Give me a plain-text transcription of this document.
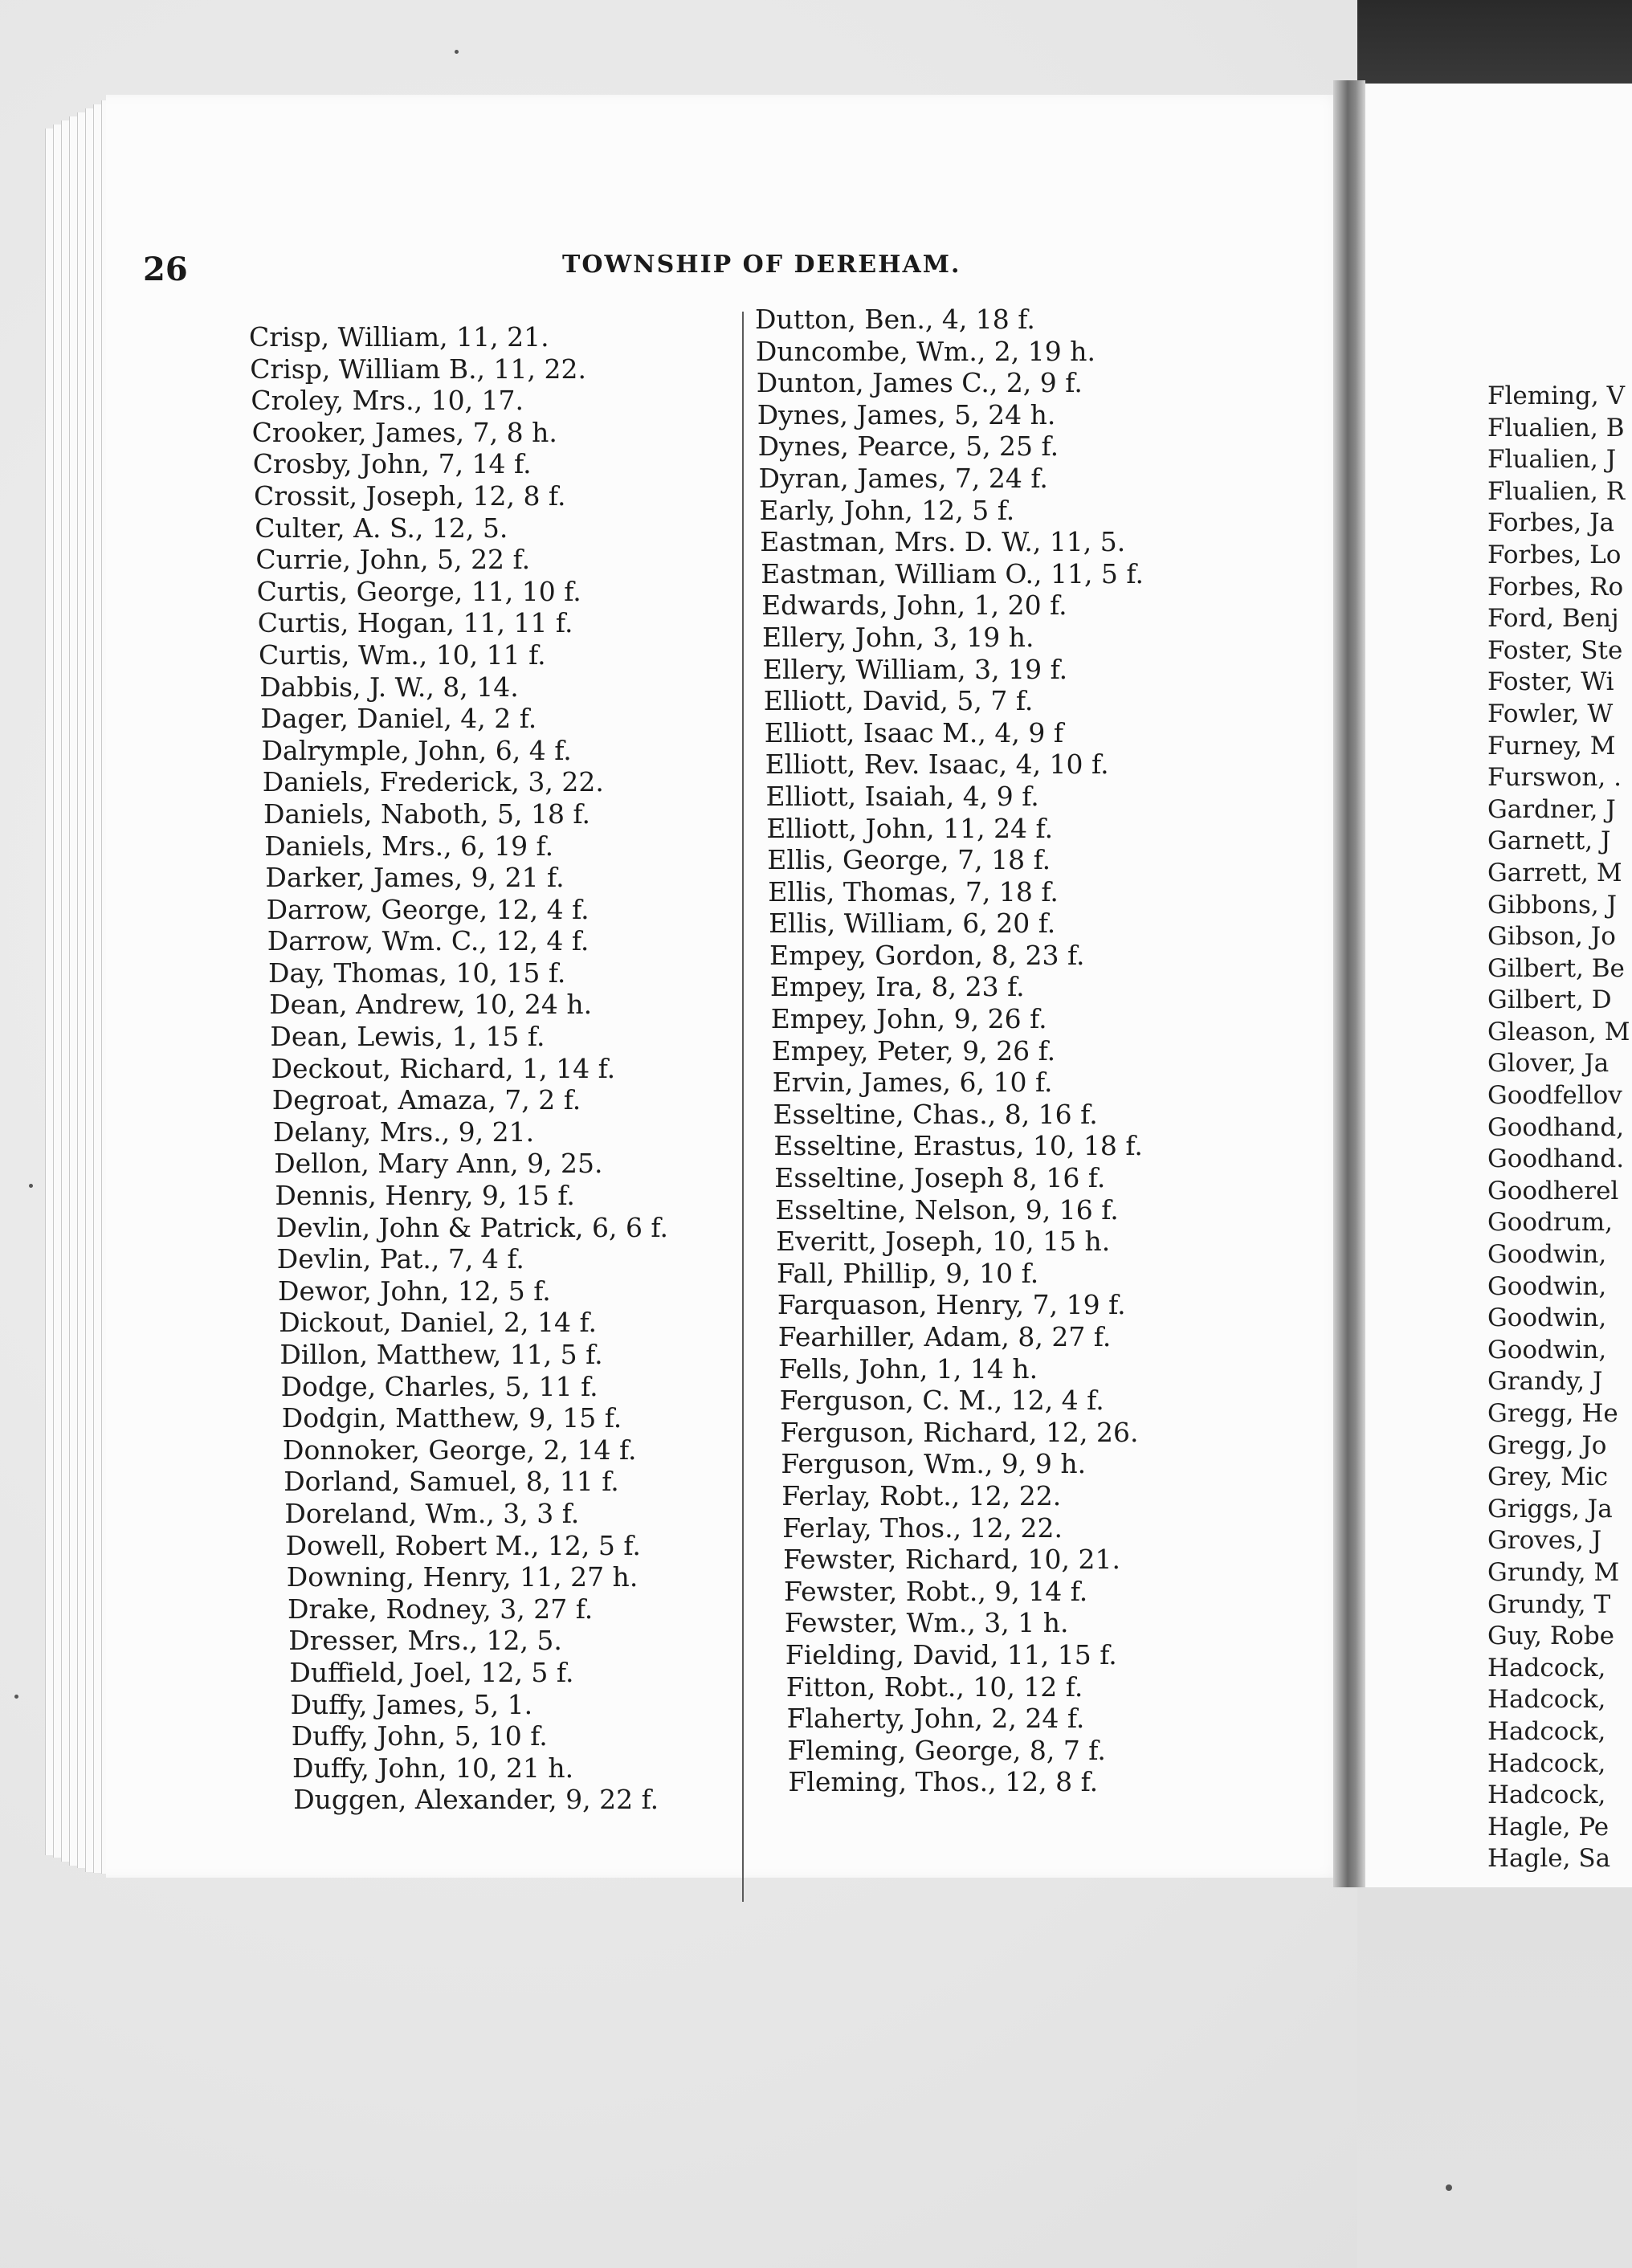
Fleming, V
Flualien, B
Flualien, J
Flualien, R
Forbes, Ja
Forbes, Lo
Forbes, Ro
Ford, Benj
Foster, Ste
Foster, Wi
Fowler, W
Furney, M
Furswon, .
Gardner, J
Garnett, J
Garrett, M
Gibbons, J
Gibson, Jo
Gilbert, Be
Gilbert, D
Gleason, M
Glover, Ja
Goodfellov
Goodhand,
Goodhand.
Goodherel
Goodrum,
Goodwin,
Goodwin,
Goodwin,
Goodwin,
Grandy, J
Gregg, He
Gregg, Jo
Grey, Mic
Griggs, Ja
Groves, J
Grundy, M
Grundy, T
Guy, Robe
Hadcock,
Hadcock,
Hadcock,
Hadcock,
Hadcock,
Hagle, Pe
Hagle, Sa
26	TOWNSHIP OF DEREHAM.
Crisp, William, 11, 21.
Crisp, William B., 11, 22.
Croley, Mrs., 10, 17.
Crooker, James, 7, 8 h.
Crosby, John, 7, 14 f.
Crossit, Joseph, 12, 8 f.
Culter, A. S., 12, 5.
Currie, John, 5, 22 f.
Curtis, George, 11, 10 f.
Curtis, Hogan, 11, 11 f.
Curtis, Wm., 10, 11 f.
Dabbis, J. W., 8, 14.
Dager, Daniel, 4, 2 f.
Dalrymple, John, 6, 4 f.
Daniels, Frederick, 3, 22.
Daniels, Naboth, 5, 18 f.
Daniels, Mrs., 6, 19 f.
Darker, James, 9, 21 f.
Darrow, George, 12, 4 f.
Darrow, Wm. C., 12, 4 f.
Day, Thomas, 10, 15 f.
Dean, Andrew, 10, 24 h.
Dean, Lewis, 1, 15 f.
Deckout, Richard, 1, 14 f.
Degroat, Amaza, 7, 2 f.
Delany, Mrs., 9, 21.
Dellon, Mary Ann, 9, 25.
Dennis, Henry, 9, 15 f.
Devlin, John & Patrick, 6, 6 f.
Devlin, Pat., 7, 4 f.
Dewor, John, 12, 5 f.
Dickout, Daniel, 2, 14 f.
Dillon, Matthew, 11, 5 f.
Dodge, Charles, 5, 11 f.
Dodgin, Matthew, 9, 15 f.
Donnoker, George, 2, 14 f.
Dorland, Samuel, 8, 11 f.
Doreland, Wm., 3, 3 f.
Dowell, Robert M., 12, 5 f.
Downing, Henry, 11, 27 h.
Drake, Rodney, 3, 27 f.
Dresser, Mrs., 12, 5.
Duffield, Joel, 12, 5 f.
Duffy, James, 5, 1.
Duffy, John, 5, 10 f.
Duffy, John, 10, 21 h.
Duggen, Alexander, 9, 22 f.
Dutton, Ben., 4, 18 f.
Duncombe, Wm., 2, 19 h.
Dunton, James C., 2, 9 f.
Dynes, James, 5, 24 h.
Dynes, Pearce, 5, 25 f.
Dyran, James, 7, 24 f.
Early, John, 12, 5 f.
Eastman, Mrs. D. W., 11, 5.
Eastman, William O., 11, 5 f.
Edwards, John, 1, 20 f.
Ellery, John, 3, 19 h.
Ellery, William, 3, 19 f.
Elliott, David, 5, 7 f.
Elliott, Isaac M., 4, 9 f
Elliott, Rev. Isaac, 4, 10 f.
Elliott, Isaiah, 4, 9 f.
Elliott, John, 11, 24 f.
Ellis, George, 7, 18 f.
Ellis, Thomas, 7, 18 f.
Ellis, William, 6, 20 f.
Empey, Gordon, 8, 23 f.
Empey, Ira, 8, 23 f.
Empey, John, 9, 26 f.
Empey, Peter, 9, 26 f.
Ervin, James, 6, 10 f.
Esseltine, Chas., 8, 16 f.
Esseltine, Erastus, 10, 18 f.
Esseltine, Joseph 8, 16 f.
Esseltine, Nelson, 9, 16 f.
Everitt, Joseph, 10, 15 h.
Fall, Phillip, 9, 10 f.
Farquason, Henry, 7, 19 f.
Fearhiller, Adam, 8, 27 f.
Fells, John, 1, 14 h.
Ferguson, C. M., 12, 4 f.
Ferguson, Richard, 12, 26.
Ferguson, Wm., 9, 9 h.
Ferlay, Robt., 12, 22.
Ferlay, Thos., 12, 22.
Fewster, Richard, 10, 21.
Fewster, Robt., 9, 14 f.
Fewster, Wm., 3, 1 h.
Fielding, David, 11, 15 f.
Fitton, Robt., 10, 12 f.
Flaherty, John, 2, 24 f.
Fleming, George, 8, 7 f.
Fleming, Thos., 12, 8 f.
